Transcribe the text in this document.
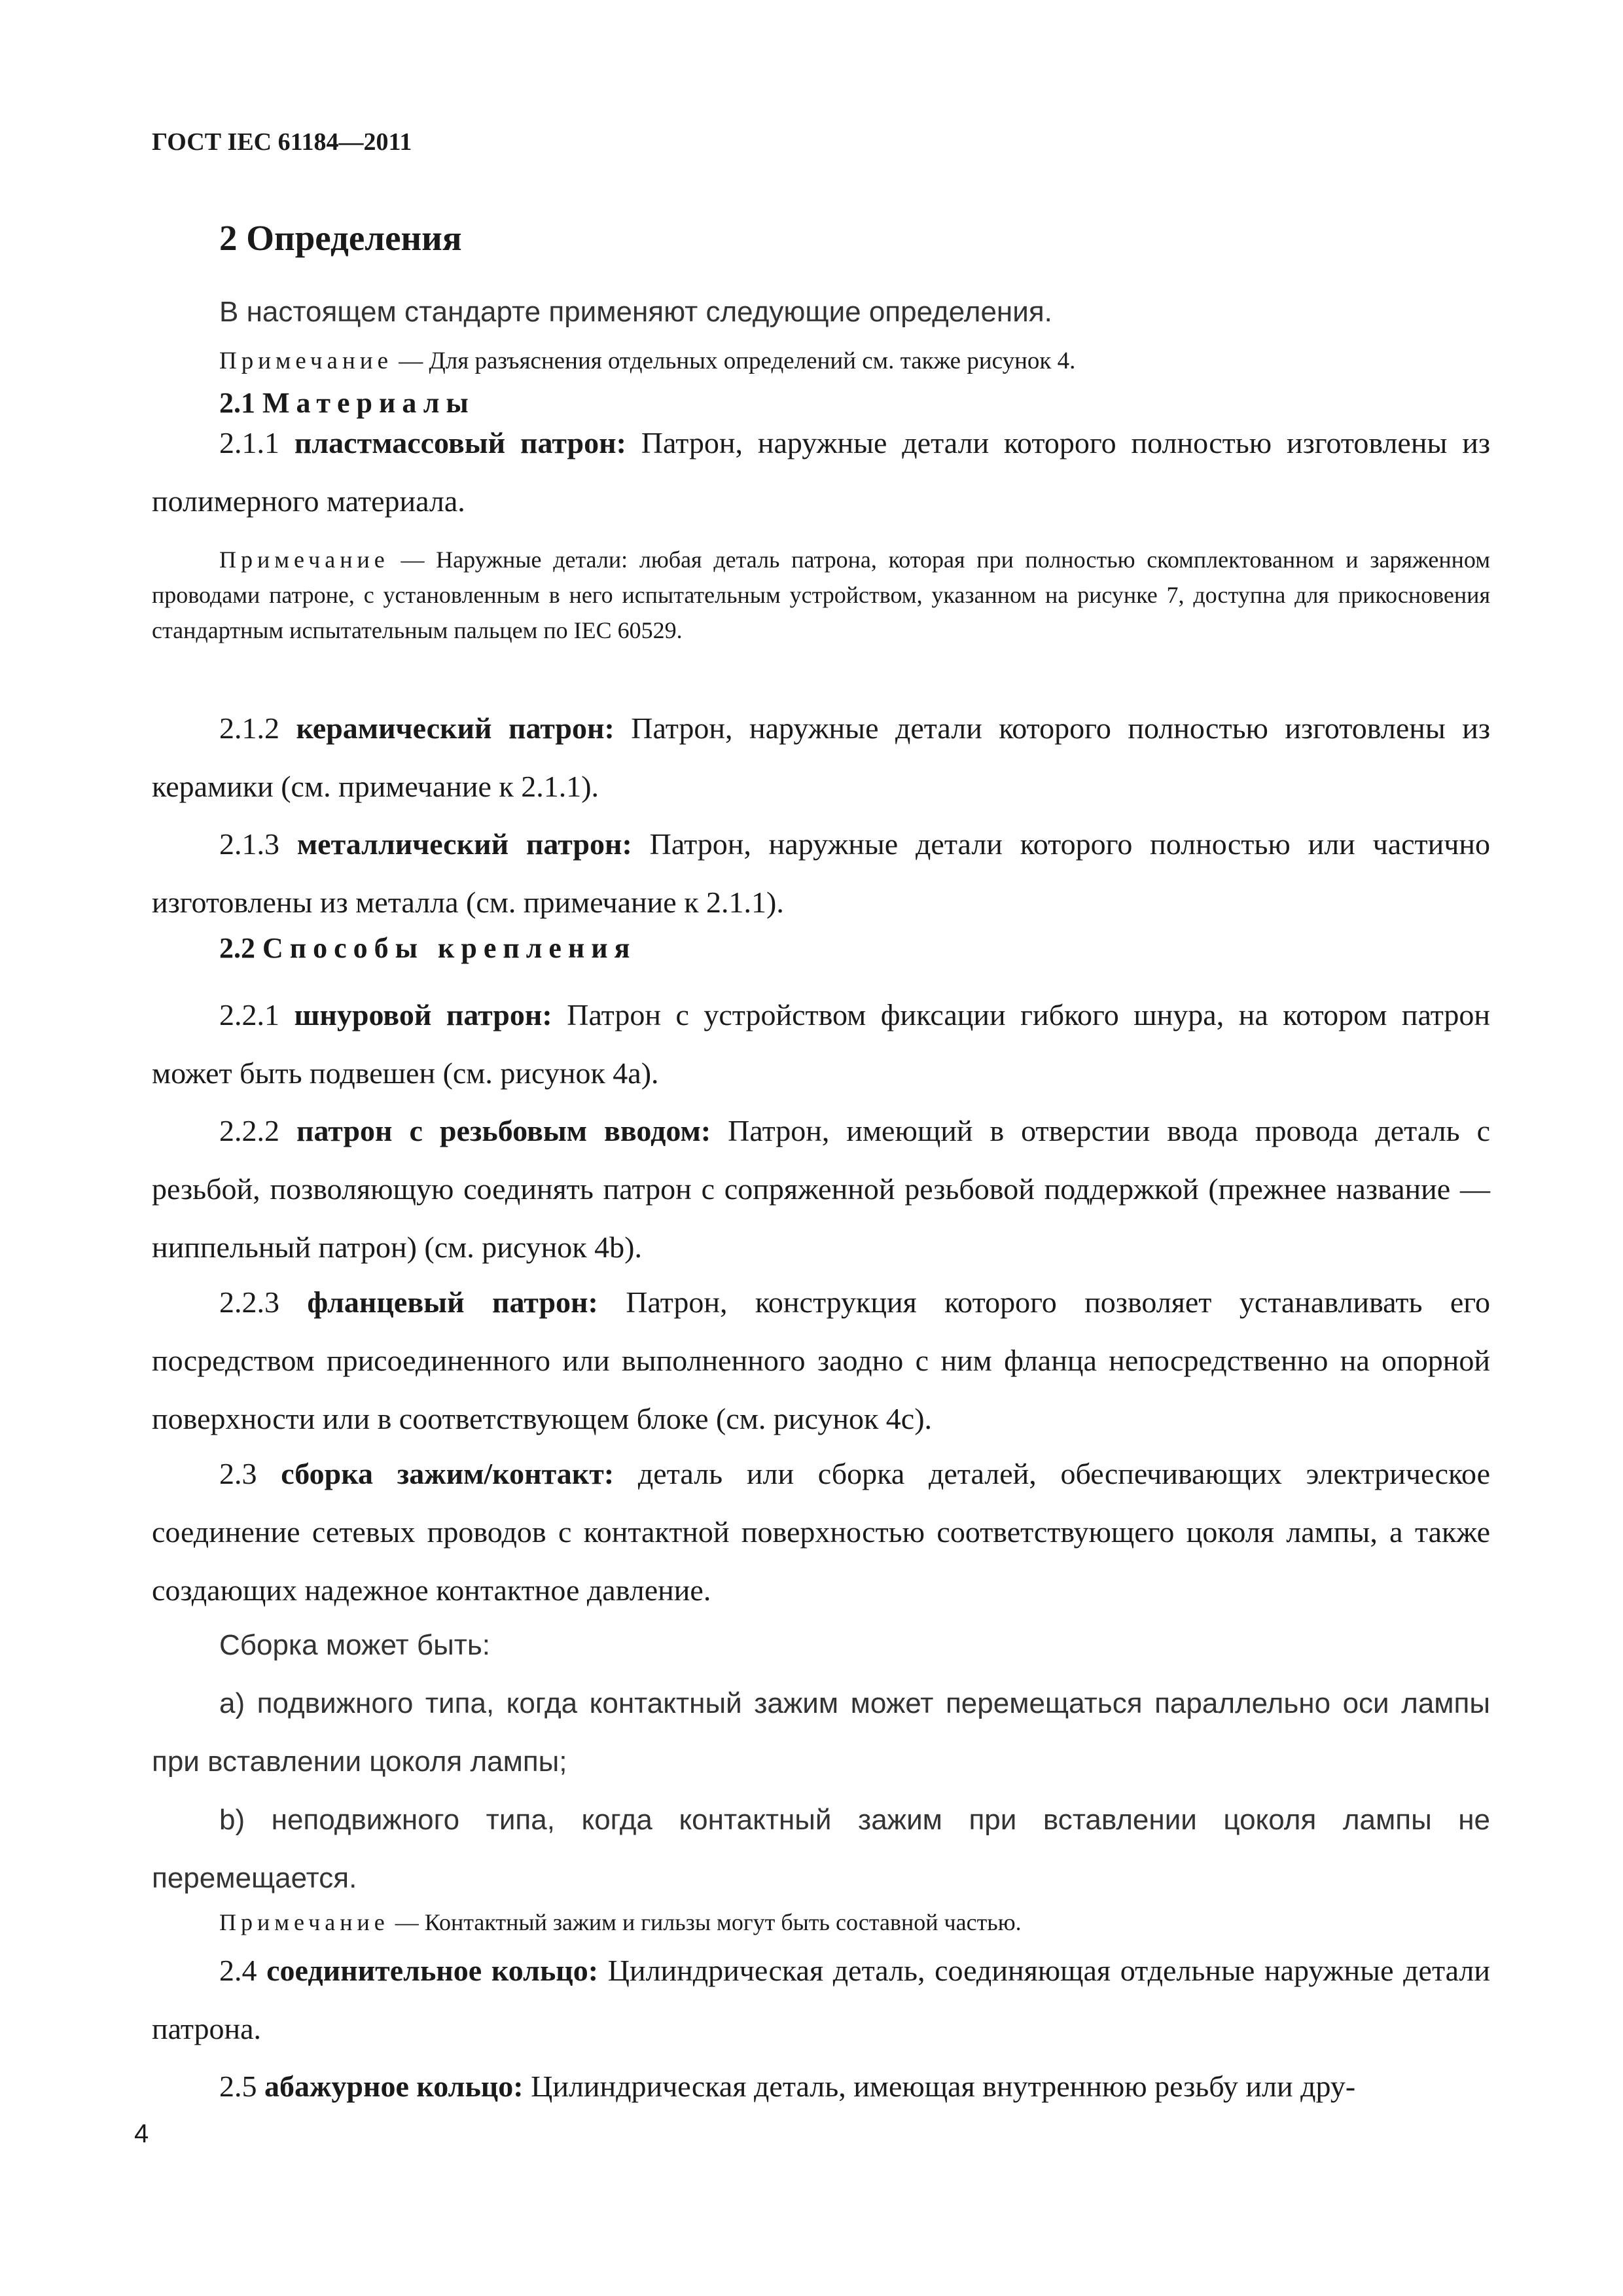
ГОСТ IEC 61184—2011
2 Определения
В настоящем стандарте применяют следующие определения.
Примечание — Для разъяснения отдельных определений см. также рисунок 4.
2.1 Материалы

2.1.1 пластмассовый патрон: Патрон, наружные детали которого полностью изготовлены из полимерного материала.

Примечание — Наружные детали: любая деталь патрона, которая при полностью скомплектованном и заряженном проводами патроне, с установленным в него испытательным устройством, указанном на рисунке 7, доступна для прикосновения стандартным испытательным пальцем по IEC 60529.

2.1.2 керамический патрон: Патрон, наружные детали которого полностью изготовлены из керамики (см. примечание к 2.1.1).

2.1.3 металлический патрон: Патрон, наружные детали которого полностью или частично изготовлены из металла (см. примечание к 2.1.1).

2.2 Способы крепления

2.2.1 шнуровой патрон: Патрон с устройством фиксации гибкого шнура, на котором патрон может быть подвешен (см. рисунок 4a).

2.2.2 патрон с резьбовым вводом: Патрон, имеющий в отверстии ввода провода деталь с резьбой, позволяющую соединять патрон с сопряженной резьбовой поддержкой (прежнее название — ниппельный патрон) (см. рисунок 4b).

2.2.3 фланцевый патрон: Патрон, конструкция которого позволяет устанавливать его посредством присоединенного или выполненного заодно с ним фланца непосредственно на опорной поверхности или в соответствующем блоке (см. рисунок 4c).

2.3 сборка зажим/контакт: деталь или сборка деталей, обеспечивающих электрическое соединение сетевых проводов с контактной поверхностью соответствующего цоколя лампы, а также создающих надежное контактное давление.

Сборка может быть:

а) подвижного типа, когда контактный зажим может перемещаться параллельно оси лампы при вставлении цоколя лампы;

b) неподвижного типа, когда контактный зажим при вставлении цоколя лампы не перемещается.

Примечание — Контактный зажим и гильзы могут быть составной частью.

2.4 соединительное кольцо: Цилиндрическая деталь, соединяющая отдельные наружные детали патрона.

2.5 абажурное кольцо: Цилиндрическая деталь, имеющая внутреннюю резьбу или дру-

4
